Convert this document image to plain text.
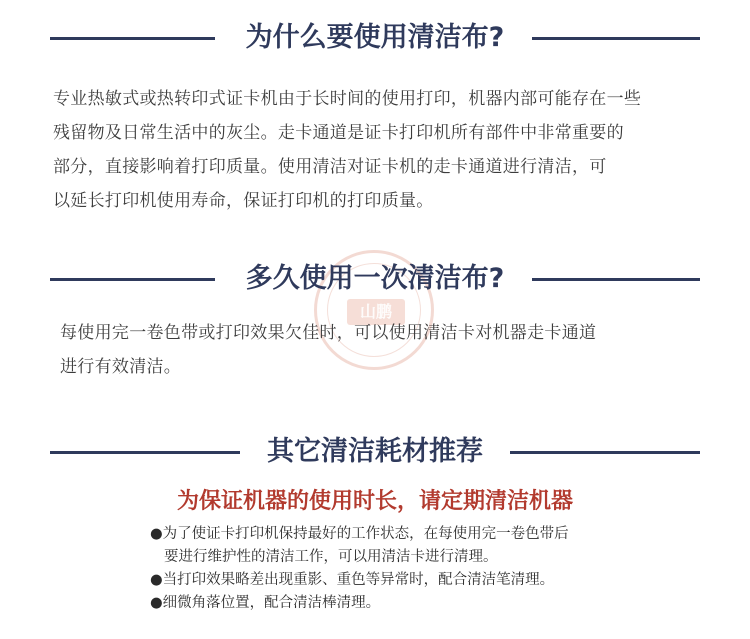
为什么要使用清洁布?

专业热敏式或热转印式证卡机由于长时间的使用打印，机器内部可能存在一些

残留物及日常生活中的灰尘。走卡通道是证卡打印机所有部件中非常重要的

部分，直接影响着打印质量。使用清洁对证卡机的走卡通道进行清洁，可

以延长打印机使用寿命，保证打印机的打印质量。

山鹏
多久使用一次清洁布?

每使用完一卷色带或打印效果欠佳时，可以使用清洁卡对机器走卡通道

进行有效清洁。

其它清洁耗材推荐
为保证机器的使用时长，请定期清洁机器

●为了使证卡打印机保持最好的工作状态，在每使用完一卷色带后

要进行维护性的清洁工作，可以用清洁卡进行清理。

●当打印效果略差出现重影、重色等异常时，配合清洁笔清理。

●细微角落位置，配合清洁棒清理。
